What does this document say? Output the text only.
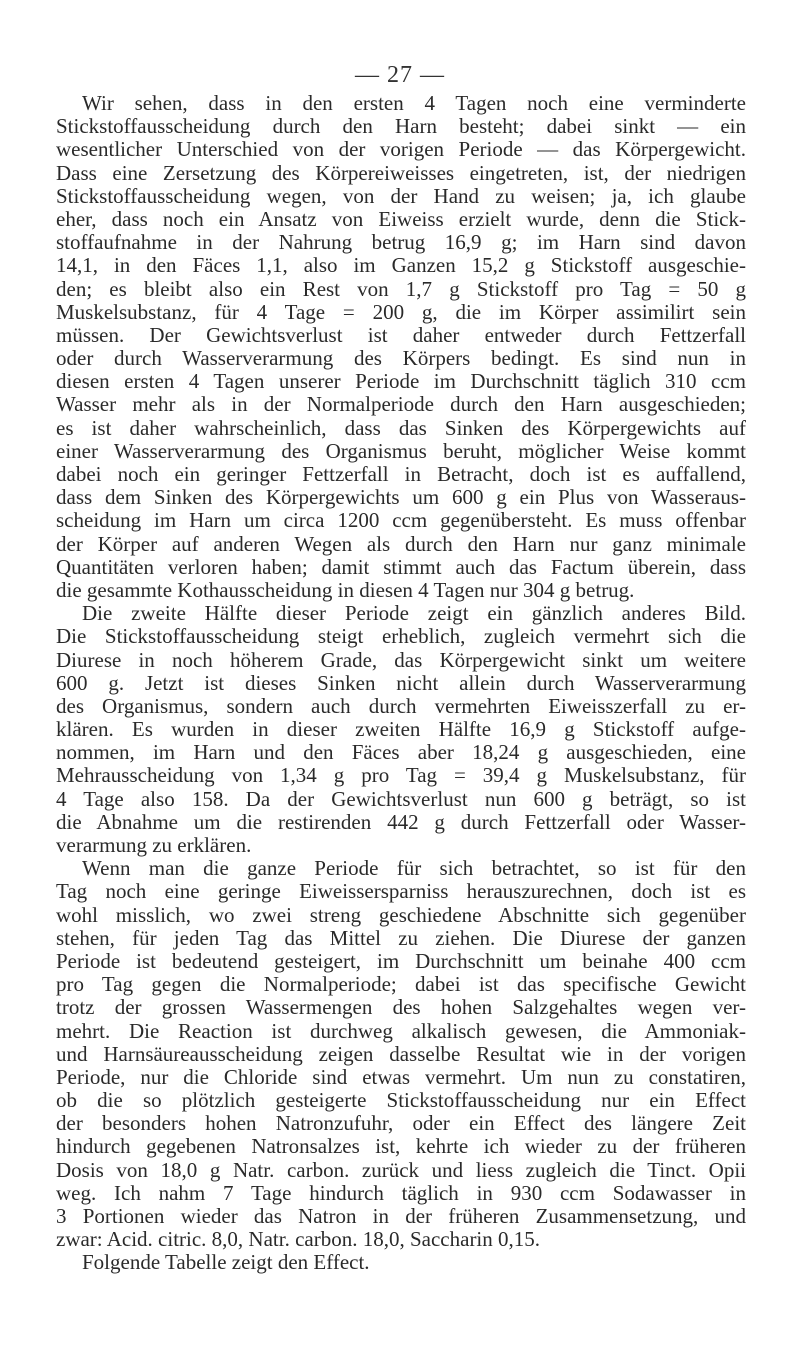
— 27 —
Wir sehen, dass in den ersten 4 Tagen noch eine verminderte
Stickstoffausscheidung durch den Harn besteht; dabei sinkt — ein
wesentlicher Unterschied von der vorigen Periode — das Körpergewicht.
Dass eine Zersetzung des Körpereiweisses eingetreten, ist, der niedrigen
Stickstoffausscheidung wegen, von der Hand zu weisen; ja, ich glaube
eher, dass noch ein Ansatz von Eiweiss erzielt wurde, denn die Stick-
stoffaufnahme in der Nahrung betrug 16,9 g; im Harn sind davon
14,1, in den Fäces 1,1, also im Ganzen 15,2 g Stickstoff ausgeschie-
den; es bleibt also ein Rest von 1,7 g Stickstoff pro Tag = 50 g
Muskelsubstanz, für 4 Tage = 200 g, die im Körper assimilirt sein
müssen. Der Gewichtsverlust ist daher entweder durch Fettzerfall
oder durch Wasserverarmung des Körpers bedingt. Es sind nun in
diesen ersten 4 Tagen unserer Periode im Durchschnitt täglich 310 ccm
Wasser mehr als in der Normalperiode durch den Harn ausgeschieden;
es ist daher wahrscheinlich, dass das Sinken des Körpergewichts auf
einer Wasserverarmung des Organismus beruht, möglicher Weise kommt
dabei noch ein geringer Fettzerfall in Betracht, doch ist es auffallend,
dass dem Sinken des Körpergewichts um 600 g ein Plus von Wasseraus-
scheidung im Harn um circa 1200 ccm gegenübersteht. Es muss offenbar
der Körper auf anderen Wegen als durch den Harn nur ganz minimale
Quantitäten verloren haben; damit stimmt auch das Factum überein, dass
die gesammte Kothausscheidung in diesen 4 Tagen nur 304 g betrug.
Die zweite Hälfte dieser Periode zeigt ein gänzlich anderes Bild.
Die Stickstoffausscheidung steigt erheblich, zugleich vermehrt sich die
Diurese in noch höherem Grade, das Körpergewicht sinkt um weitere
600 g. Jetzt ist dieses Sinken nicht allein durch Wasserverarmung
des Organismus, sondern auch durch vermehrten Eiweisszerfall zu er-
klären. Es wurden in dieser zweiten Hälfte 16,9 g Stickstoff aufge-
nommen, im Harn und den Fäces aber 18,24 g ausgeschieden, eine
Mehrausscheidung von 1,34 g pro Tag = 39,4 g Muskelsubstanz, für
4 Tage also 158. Da der Gewichtsverlust nun 600 g beträgt, so ist
die Abnahme um die restirenden 442 g durch Fettzerfall oder Wasser-
verarmung zu erklären.
Wenn man die ganze Periode für sich betrachtet, so ist für den
Tag noch eine geringe Eiweissersparniss herauszurechnen, doch ist es
wohl misslich, wo zwei streng geschiedene Abschnitte sich gegenüber
stehen, für jeden Tag das Mittel zu ziehen. Die Diurese der ganzen
Periode ist bedeutend gesteigert, im Durchschnitt um beinahe 400 ccm
pro Tag gegen die Normalperiode; dabei ist das specifische Gewicht
trotz der grossen Wassermengen des hohen Salzgehaltes wegen ver-
mehrt. Die Reaction ist durchweg alkalisch gewesen, die Ammoniak-
und Harnsäureausscheidung zeigen dasselbe Resultat wie in der vorigen
Periode, nur die Chloride sind etwas vermehrt. Um nun zu constatiren,
ob die so plötzlich gesteigerte Stickstoffausscheidung nur ein Effect
der besonders hohen Natronzufuhr, oder ein Effect des längere Zeit
hindurch gegebenen Natronsalzes ist, kehrte ich wieder zu der früheren
Dosis von 18,0 g Natr. carbon. zurück und liess zugleich die Tinct. Opii
weg. Ich nahm 7 Tage hindurch täglich in 930 ccm Sodawasser in
3 Portionen wieder das Natron in der früheren Zusammensetzung, und
zwar: Acid. citric. 8,0, Natr. carbon. 18,0, Saccharin 0,15.
Folgende Tabelle zeigt den Effect.
